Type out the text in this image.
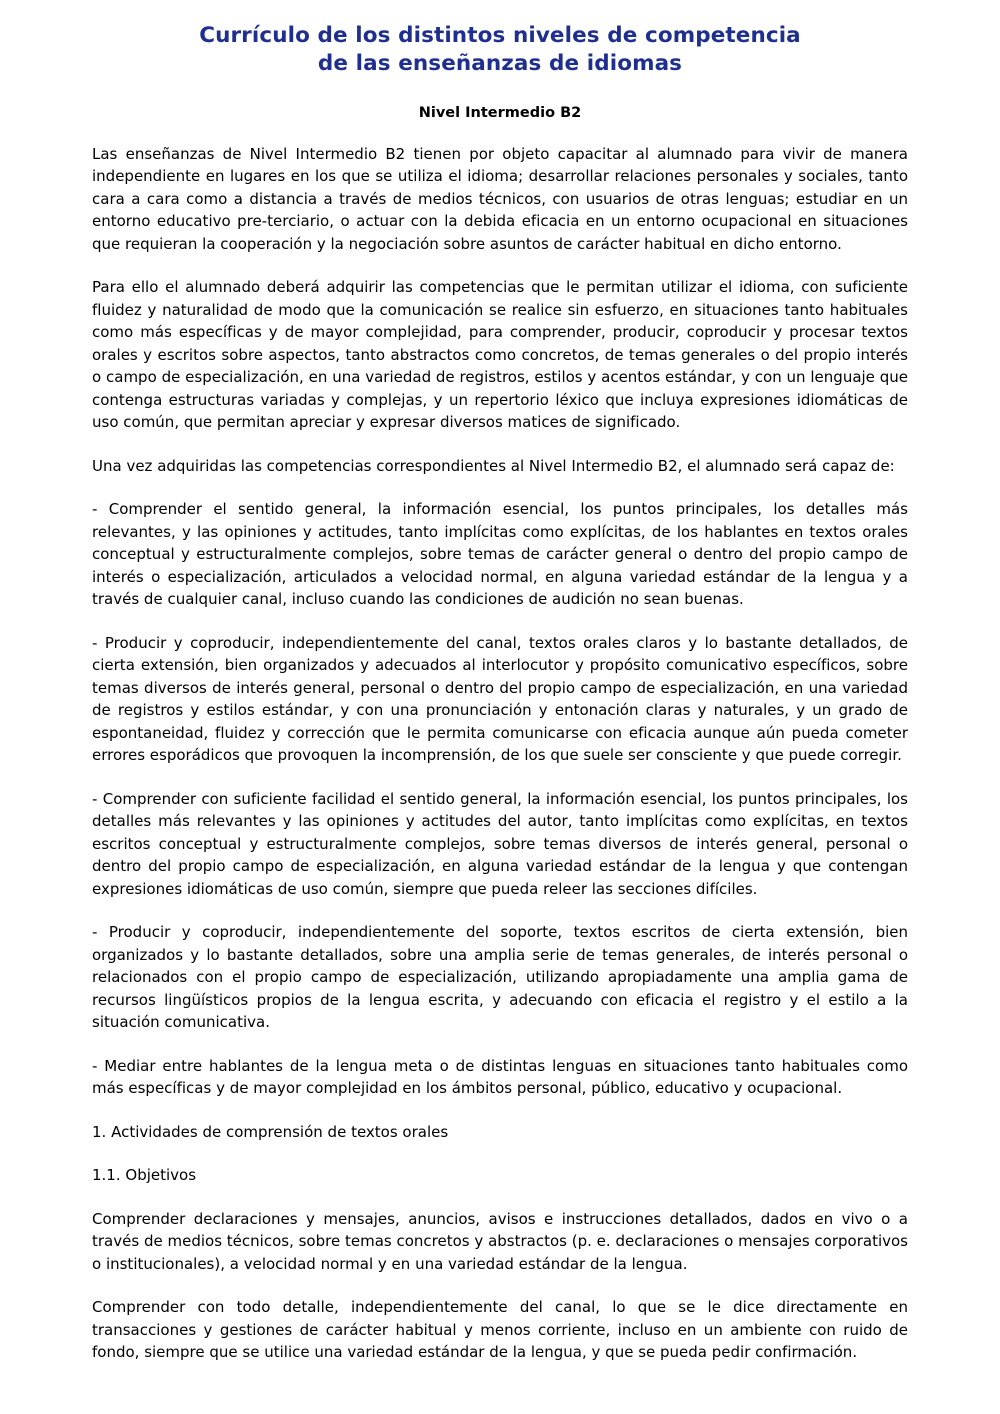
Currículo de los distintos niveles de competencia
de las enseñanzas de idiomas
Nivel Intermedio B2

Las enseñanzas de Nivel Intermedio B2 tienen por objeto capacitar al alumnado para vivir de manera independiente en lugares en los que se utiliza el idioma; desarrollar relaciones personales y sociales, tanto cara a cara como a distancia a través de medios técnicos, con usuarios de otras lenguas; estudiar en un entorno educativo pre-terciario, o actuar con la debida eficacia en un entorno ocupacional en situaciones que requieran la cooperación y la negociación sobre asuntos de carácter habitual en dicho entorno.

Para ello el alumnado deberá adquirir las competencias que le permitan utilizar el idioma, con suficiente fluidez y naturalidad de modo que la comunicación se realice sin esfuerzo, en situaciones tanto habituales como más específicas y de mayor complejidad, para comprender, producir, coproducir y procesar textos orales y escritos sobre aspectos, tanto abstractos como concretos, de temas generales o del propio interés o campo de especialización, en una variedad de registros, estilos y acentos estándar, y con un lenguaje que contenga estructuras variadas y complejas, y un repertorio léxico que incluya expresiones idiomáticas de uso común, que permitan apreciar y expresar diversos matices de significado.

Una vez adquiridas las competencias correspondientes al Nivel Intermedio B2, el alumnado será capaz de:

- Comprender el sentido general, la información esencial, los puntos principales, los detalles más relevantes, y las opiniones y actitudes, tanto implícitas como explícitas, de los hablantes en textos orales conceptual y estructuralmente complejos, sobre temas de carácter general o dentro del propio campo de interés o especialización, articulados a velocidad normal, en alguna variedad estándar de la lengua y a través de cualquier canal, incluso cuando las condiciones de audición no sean buenas.

- Producir y coproducir, independientemente del canal, textos orales claros y lo bastante detallados, de cierta extensión, bien organizados y adecuados al interlocutor y propósito comunicativo específicos, sobre temas diversos de interés general, personal o dentro del propio campo de especialización, en una variedad de registros y estilos estándar, y con una pronunciación y entonación claras y naturales, y un grado de espontaneidad, fluidez y corrección que le permita comunicarse con eficacia aunque aún pueda cometer errores esporádicos que provoquen la incomprensión, de los que suele ser consciente y que puede corregir.

- Comprender con suficiente facilidad el sentido general, la información esencial, los puntos principales, los detalles más relevantes y las opiniones y actitudes del autor, tanto implícitas como explícitas, en textos escritos conceptual y estructuralmente complejos, sobre temas diversos de interés general, personal o dentro del propio campo de especialización, en alguna variedad estándar de la lengua y que contengan expresiones idiomáticas de uso común, siempre que pueda releer las secciones difíciles.

- Producir y coproducir, independientemente del soporte, textos escritos de cierta extensión, bien organizados y lo bastante detallados, sobre una amplia serie de temas generales, de interés personal o relacionados con el propio campo de especialización, utilizando apropiadamente una amplia gama de recursos lingüísticos propios de la lengua escrita, y adecuando con eficacia el registro y el estilo a la situación comunicativa.

- Mediar entre hablantes de la lengua meta o de distintas lenguas en situaciones tanto habituales como más específicas y de mayor complejidad en los ámbitos personal, público, educativo y ocupacional.

1. Actividades de comprensión de textos orales

1.1. Objetivos

Comprender declaraciones y mensajes, anuncios, avisos e instrucciones detallados, dados en vivo o a través de medios técnicos, sobre temas concretos y abstractos (p. e. declaraciones o mensajes corporativos o institucionales), a velocidad normal y en una variedad estándar de la lengua.

Comprender con todo detalle, independientemente del canal, lo que se le dice directamente en transacciones y gestiones de carácter habitual y menos corriente, incluso en un ambiente con ruido de fondo, siempre que se utilice una variedad estándar de la lengua, y que se pueda pedir confirmación.
